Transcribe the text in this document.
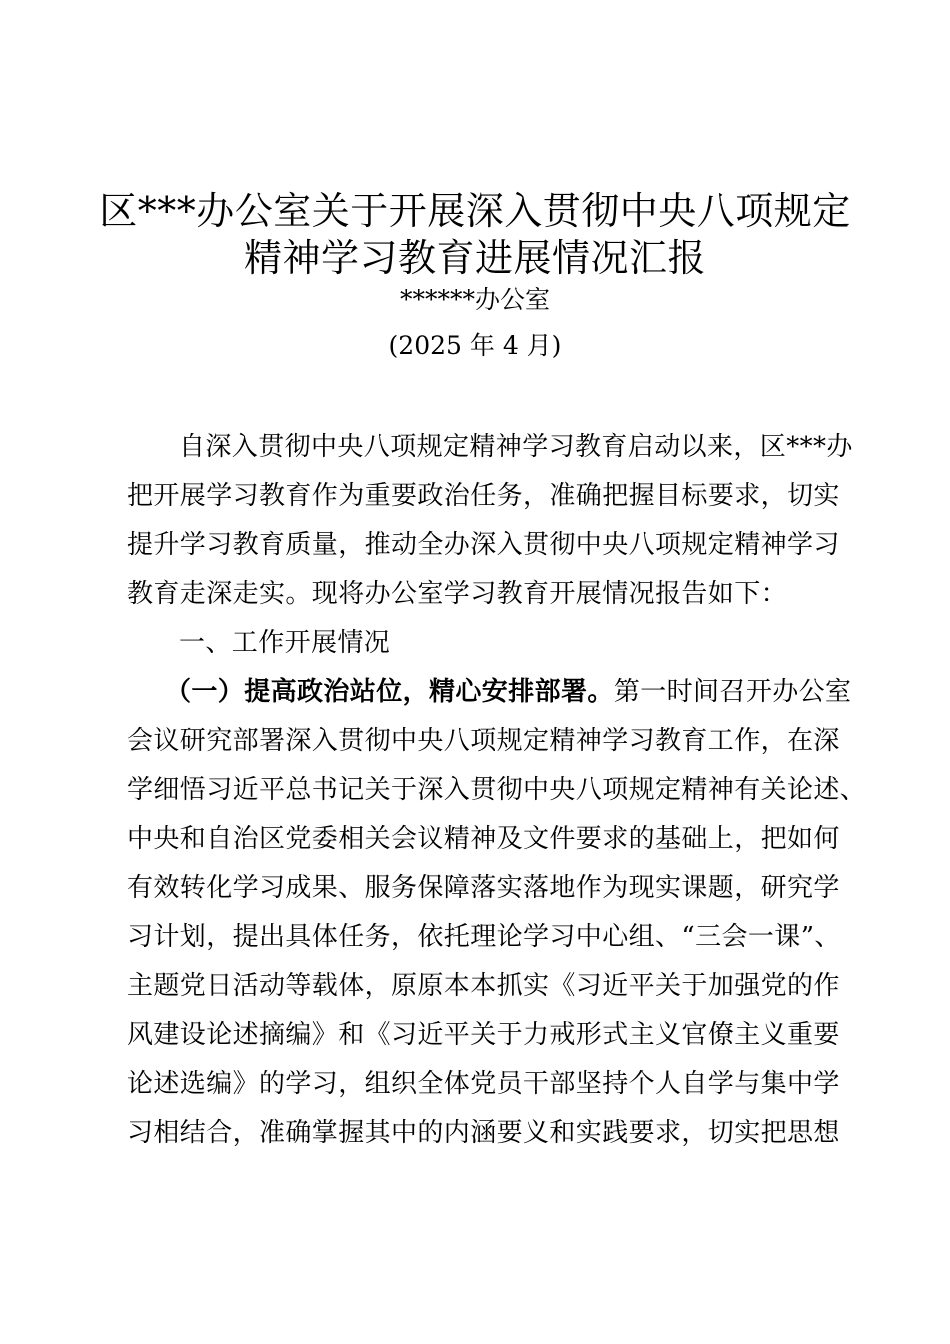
区***办公室关于开展深入贯彻中央八项规定
精神学习教育进展情况汇报
******办公室
(2025 年 4 月)
自深入贯彻中央八项规定精神学习教育启动以来，区***办
把开展学习教育作为重要政治任务，准确把握目标要求，切实
提升学习教育质量，推动全办深入贯彻中央八项规定精神学习
教育走深走实。现将办公室学习教育开展情况报告如下：
一、工作开展情况
（一）提高政治站位，精心安排部署。第一时间召开办公室
会议研究部署深入贯彻中央八项规定精神学习教育工作，在深
学细悟习近平总书记关于深入贯彻中央八项规定精神有关论述、
中央和自治区党委相关会议精神及文件要求的基础上，把如何
有效转化学习成果、服务保障落实落地作为现实课题，研究学
习计划，提出具体任务，依托理论学习中心组、“三会一课”、
主题党日活动等载体，原原本本抓实《习近平关于加强党的作
风建设论述摘编》和《习近平关于力戒形式主义官僚主义重要
论述选编》的学习，组织全体党员干部坚持个人自学与集中学
习相结合，准确掌握其中的内涵要义和实践要求，切实把思想
